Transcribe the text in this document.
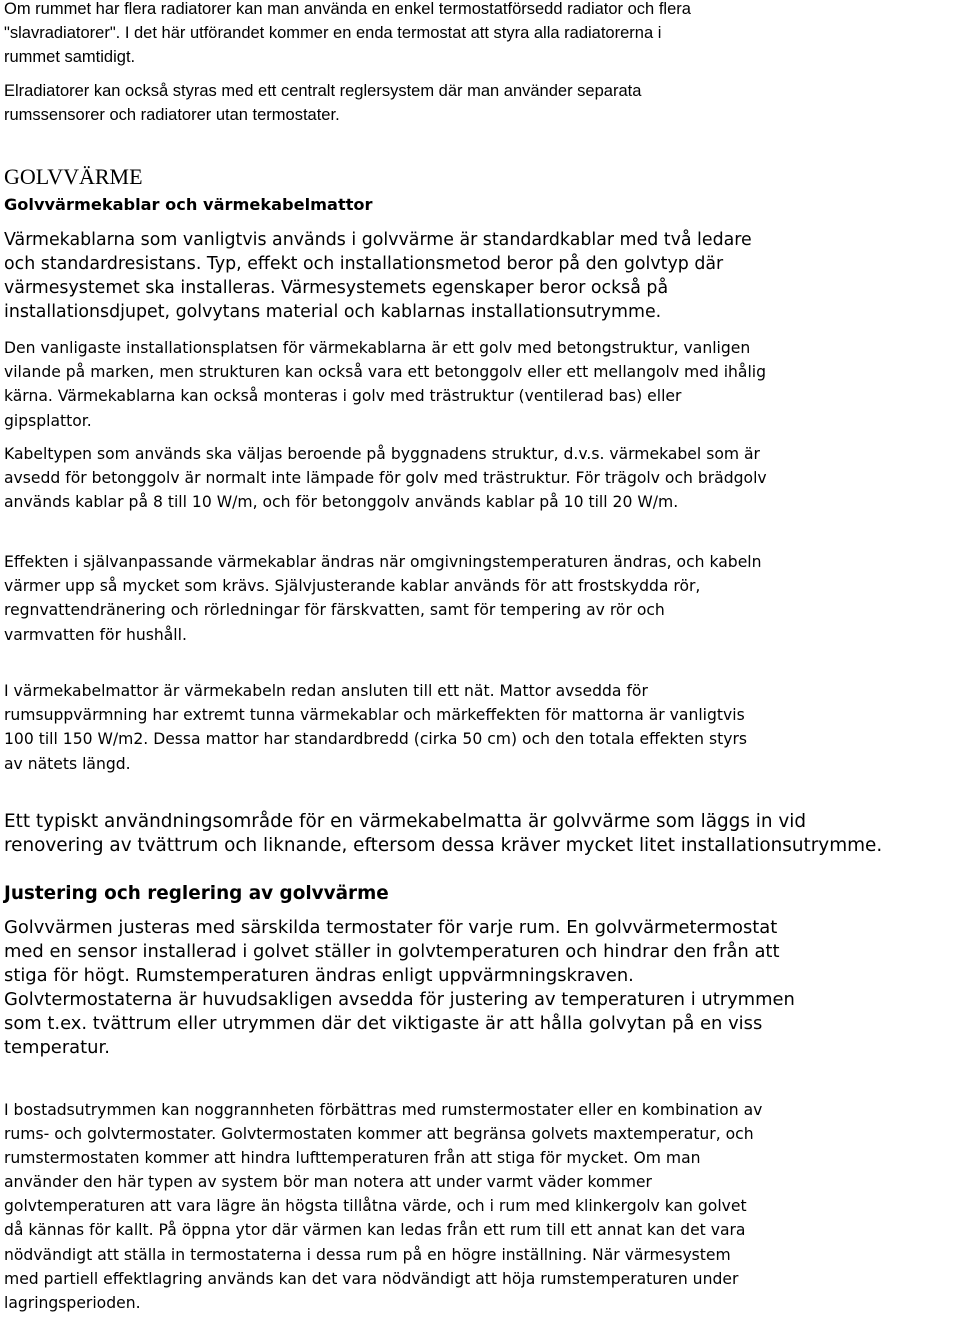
Om rummet har flera radiatorer kan man använda en enkel termostatförsedd radiator och flera
"slavradiatorer". I det här utförandet kommer en enda termostat att styra alla radiatorerna i
rummet samtidigt.
Elradiatorer kan också styras med ett centralt reglersystem där man använder separata
rumssensorer och radiatorer utan termostater.
GOLVVÄRME
Golvvärmekablar och värmekabelmattor
Värmekablarna som vanligtvis används i golvvärme är standardkablar med två ledare
och standardresistans. Typ, effekt och installationsmetod beror på den golvtyp där
värmesystemet ska installeras. Värmesystemets egenskaper beror också på
installationsdjupet, golvytans material och kablarnas installationsutrymme.
Den vanligaste installationsplatsen för värmekablarna är ett golv med betongstruktur, vanligen
vilande på marken, men strukturen kan också vara ett betonggolv eller ett mellangolv med ihålig
kärna. Värmekablarna kan också monteras i golv med trästruktur (ventilerad bas) eller
gipsplattor.
Kabeltypen som används ska väljas beroende på byggnadens struktur, d.v.s. värmekabel som är
avsedd för betonggolv är normalt inte lämpade för golv med trästruktur. För trägolv och brädgolv
används kablar på 8 till 10 W/m, och för betonggolv används kablar på 10 till 20 W/m.
Effekten i självanpassande värmekablar ändras när omgivningstemperaturen ändras, och kabeln
värmer upp så mycket som krävs. Självjusterande kablar används för att frostskydda rör,
regnvattendränering och rörledningar för färskvatten, samt för tempering av rör och
varmvatten för hushåll.
I värmekabelmattor är värmekabeln redan ansluten till ett nät. Mattor avsedda för
rumsuppvärmning har extremt tunna värmekablar och märkeffekten för mattorna är vanligtvis
100 till 150 W/m2. Dessa mattor har standardbredd (cirka 50 cm) och den totala effekten styrs
av nätets längd.
Ett typiskt användningsområde för en värmekabelmatta är golvvärme som läggs in vid
renovering av tvättrum och liknande, eftersom dessa kräver mycket litet installationsutrymme.
Justering och reglering av golvvärme
Golvvärmen justeras med särskilda termostater för varje rum. En golvvärmetermostat
med en sensor installerad i golvet ställer in golvtemperaturen och hindrar den från att
stiga för högt. Rumstemperaturen ändras enligt uppvärmningskraven.
Golvtermostaterna är huvudsakligen avsedda för justering av temperaturen i utrymmen
som t.ex. tvättrum eller utrymmen där det viktigaste är att hålla golvytan på en viss
temperatur.
I bostadsutrymmen kan noggrannheten förbättras med rumstermostater eller en kombination av
rums- och golvtermostater. Golvtermostaten kommer att begränsa golvets maxtemperatur, och
rumstermostaten kommer att hindra lufttemperaturen från att stiga för mycket. Om man
använder den här typen av system bör man notera att under varmt väder kommer
golvtemperaturen att vara lägre än högsta tillåtna värde, och i rum med klinkergolv kan golvet
då kännas för kallt. På öppna ytor där värmen kan ledas från ett rum till ett annat kan det vara
nödvändigt att ställa in termostaterna i dessa rum på en högre inställning. När värmesystem
med partiell effektlagring används kan det vara nödvändigt att höja rumstemperaturen under
lagringsperioden.
